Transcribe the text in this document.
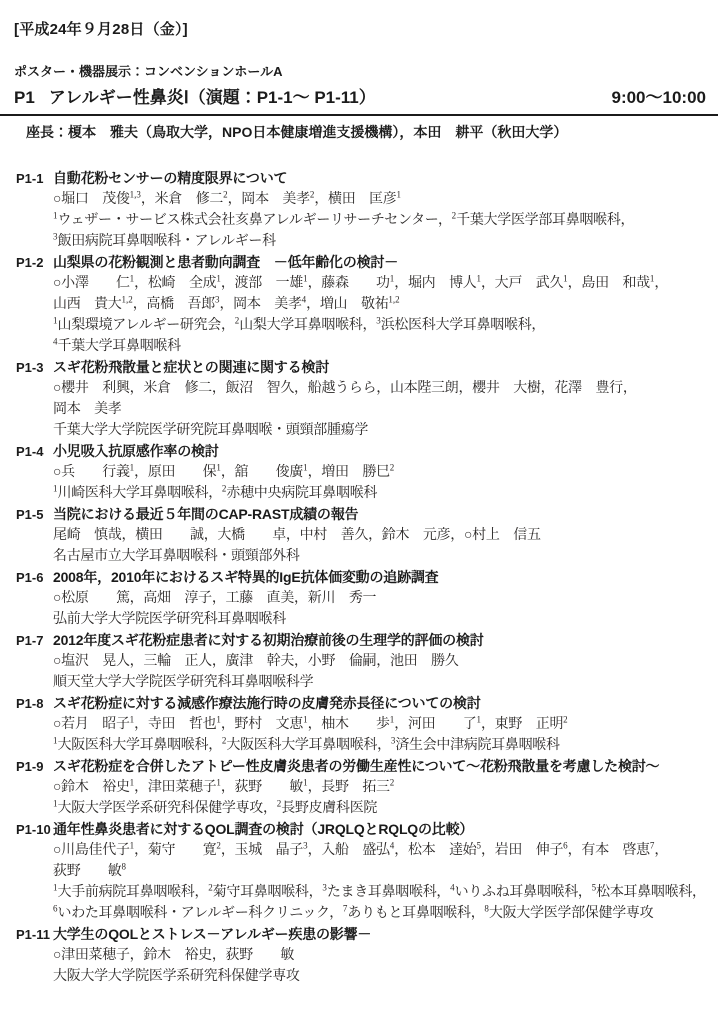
[平成24年９月28日（金）]
ポスター・機器展示：コンベンションホールA
P1 アレルギー性鼻炎Ⅰ（演題：P1-1〜 P1-11）	9:00〜10:00
座長：榎本　雅夫（鳥取大学，NPO日本健康増進支援機構），本田　耕平（秋田大学）
P1-1 自動花粉センサーの精度限界について
○堀口　茂俊$^{1,3}$，米倉　修二$^2$，岡本　美孝$^2$，横田　匡彦$^1$
$^1$ウェザー・サービス株式会社亥鼻アレルギーリサーチセンター，$^2$千葉大学医学部耳鼻咽喉科，
$^3$飯田病院耳鼻咽喉科・アレルギー科
P1-2 山梨県の花粉観測と患者動向調査　－低年齢化の検討－
○小澤　　仁$^1$，松崎　全成$^1$，渡部　一雄$^1$，藤森　　功$^1$，堀内　博人$^1$，大戸　武久$^1$，島田　和哉$^1$，
山西　貴大$^{1,2}$，高橋　吾郎$^3$，岡本　美孝$^4$，増山　敬祐$^{1,2}$
$^1$山梨環境アレルギー研究会，$^2$山梨大学耳鼻咽喉科，$^3$浜松医科大学耳鼻咽喉科，
$^4$千葉大学耳鼻咽喉科
P1-3 スギ花粉飛散量と症状との関連に関する検討
○櫻井　利興，米倉　修二，飯沼　智久，船越うらら，山本陛三朗，櫻井　大樹，花澤　豊行，
岡本　美孝
千葉大学大学院医学研究院耳鼻咽喉・頭頸部腫瘍学
P1-4 小児吸入抗原感作率の検討
○兵　　行義$^1$，原田　　保$^1$，舘　　俊廣$^1$，増田　勝巳$^2$
$^1$川崎医科大学耳鼻咽喉科，$^2$赤穂中央病院耳鼻咽喉科
P1-5 当院における最近５年間のCAP-RAST成績の報告
尾崎　慎哉，横田　　誠，大橋　　卓，中村　善久，鈴木　元彦，○村上　信五
名古屋市立大学耳鼻咽喉科・頭頸部外科
P1-6 2008年，2010年におけるスギ特異的IgE抗体価変動の追跡調査
○松原　　篤，高畑　淳子，工藤　直美，新川　秀一
弘前大学大学院医学研究科耳鼻咽喉科
P1-7 2012年度スギ花粉症患者に対する初期治療前後の生理学的評価の検討
○塩沢　晃人，三輪　正人，廣津　幹夫，小野　倫嗣，池田　勝久
順天堂大学大学院医学研究科耳鼻咽喉科学
P1-8 スギ花粉症に対する減感作療法施行時の皮膚発赤長径についての検討
○若月　昭子$^1$，寺田　哲也$^1$，野村　文恵$^1$，柚木　　歩$^1$，河田　　了$^1$，東野　正明$^2$
$^1$大阪医科大学耳鼻咽喉科，$^2$大阪医科大学耳鼻咽喉科，$^3$済生会中津病院耳鼻咽喉科
P1-9 スギ花粉症を合併したアトピー性皮膚炎患者の労働生産性について〜花粉飛散量を考慮した検討〜
○鈴木　裕史$^1$，津田菜穂子$^1$，荻野　　敏$^1$，長野　拓三$^2$
$^1$大阪大学医学系研究科保健学専攻，$^2$長野皮膚科医院
P1-10 通年性鼻炎患者に対するQOL調査の検討（JRQLQとRQLQの比較）
○川島佳代子$^1$，菊守　　寛$^2$，玉城　晶子$^3$，入船　盛弘$^4$，松本　達始$^5$，岩田　伸子$^6$，有本　啓恵$^7$，
荻野　　敏$^8$
$^1$大手前病院耳鼻咽喉科，$^2$菊守耳鼻咽喉科，$^3$たまき耳鼻咽喉科，$^4$いりふね耳鼻咽喉科，$^5$松本耳鼻咽喉科，
$^6$いわた耳鼻咽喉科・アレルギー科クリニック，$^7$ありもと耳鼻咽喉科，$^8$大阪大学医学部保健学専攻
P1-11 大学生のQOLとストレス－アレルギー疾患の影響－
○津田菜穂子，鈴木　裕史，荻野　　敏
大阪大学大学院医学系研究科保健学専攻
